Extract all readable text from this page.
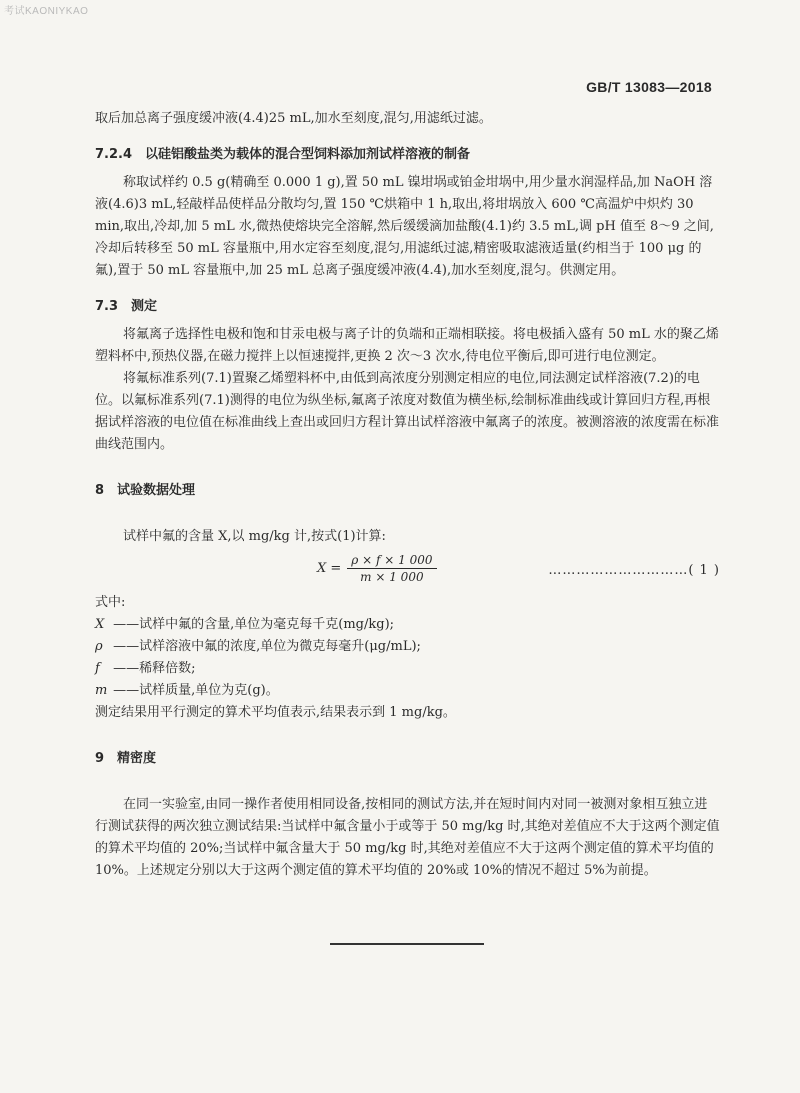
考试KAONIYKAO
GB/T 13083—2018

取后加总离子强度缓冲液(4.4)25 mL,加水至刻度,混匀,用滤纸过滤。

7.2.4　以硅铝酸盐类为载体的混合型饲料添加剂试样溶液的制备

称取试样约 0.5 g(精确至 0.000 1 g),置 50 mL 镍坩埚或铂金坩埚中,用少量水润湿样品,加 NaOH 溶液(4.6)3 mL,轻敲样品使样品分散均匀,置 150 ℃烘箱中 1 h,取出,将坩埚放入 600 ℃高温炉中炽灼 30 min,取出,冷却,加 5 mL 水,微热使熔块完全溶解,然后缓缓滴加盐酸(4.1)约 3.5 mL,调 pH 值至 8～9 之间,冷却后转移至 50 mL 容量瓶中,用水定容至刻度,混匀,用滤纸过滤,精密吸取滤液适量(约相当于 100 μg 的氟),置于 50 mL 容量瓶中,加 25 mL 总离子强度缓冲液(4.4),加水至刻度,混匀。供测定用。

7.3　测定

将氟离子选择性电极和饱和甘汞电极与离子计的负端和正端相联接。将电极插入盛有 50 mL 水的聚乙烯塑料杯中,预热仪器,在磁力搅拌上以恒速搅拌,更换 2 次～3 次水,待电位平衡后,即可进行电位测定。

将氟标准系列(7.1)置聚乙烯塑料杯中,由低到高浓度分别测定相应的电位,同法测定试样溶液(7.2)的电位。以氟标准系列(7.1)测得的电位为纵坐标,氟离子浓度对数值为横坐标,绘制标准曲线或计算回归方程,再根据试样溶液的电位值在标准曲线上查出或回归方程计算出试样溶液中氟离子的浓度。被测溶液的浓度需在标准曲线范围内。

8　试验数据处理

试样中氟的含量 X,以 mg/kg 计,按式(1)计算:

$X = \frac{\rho \times f \times 1 000}{m \times 1 000}$	…………………………( 1 )

式中:

X ——试样中氟的含量,单位为毫克每千克(mg/kg);

ρ ——试样溶液中氟的浓度,单位为微克每毫升(μg/mL);

f ——稀释倍数;

m ——试样质量,单位为克(g)。

测定结果用平行测定的算术平均值表示,结果表示到 1 mg/kg。

9　精密度

在同一实验室,由同一操作者使用相同设备,按相同的测试方法,并在短时间内对同一被测对象相互独立进行测试获得的两次独立测试结果:当试样中氟含量小于或等于 50 mg/kg 时,其绝对差值应不大于这两个测定值的算术平均值的 20%;当试样中氟含量大于 50 mg/kg 时,其绝对差值应不大于这两个测定值的算术平均值的 10%。上述规定分别以大于这两个测定值的算术平均值的 20%或 10%的情况不超过 5%为前提。
